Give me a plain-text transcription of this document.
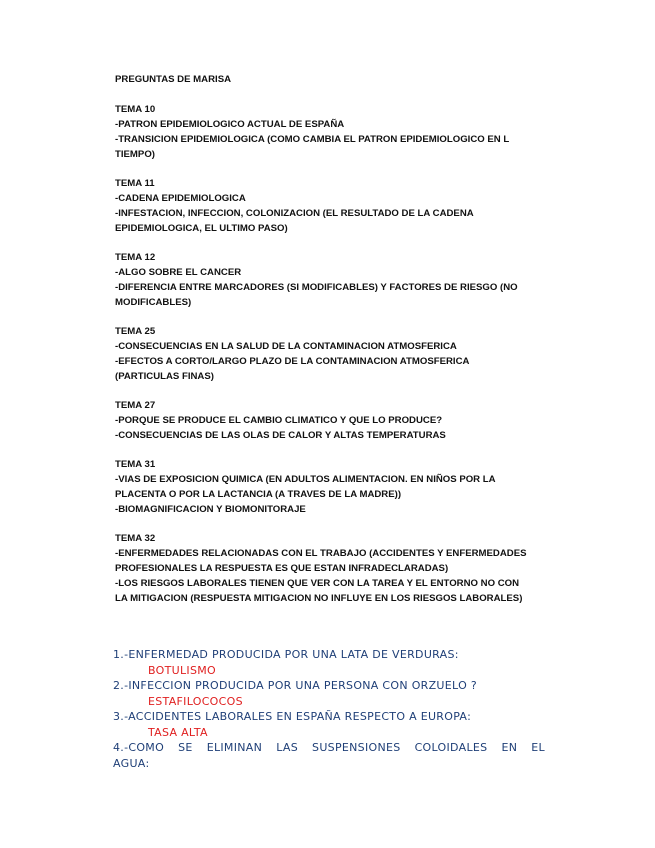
PREGUNTAS DE MARISA
TEMA 10
-PATRON EPIDEMIOLOGICO ACTUAL DE ESPAÑA
-TRANSICION EPIDEMIOLOGICA (COMO CAMBIA EL PATRON EPIDEMIOLOGICO EN L
TIEMPO)
TEMA 11
-CADENA EPIDEMIOLOGICA
-INFESTACION, INFECCION, COLONIZACION (EL RESULTADO DE LA CADENA
EPIDEMIOLOGICA, EL ULTIMO PASO)
TEMA 12
-ALGO SOBRE EL CANCER
-DIFERENCIA ENTRE MARCADORES (SI MODIFICABLES) Y FACTORES DE RIESGO (NO
MODIFICABLES)
TEMA 25
-CONSECUENCIAS EN LA SALUD DE LA CONTAMINACION ATMOSFERICA
-EFECTOS A CORTO/LARGO PLAZO DE LA CONTAMINACION ATMOSFERICA
(PARTICULAS FINAS)
TEMA 27
-PORQUE SE PRODUCE EL CAMBIO CLIMATICO Y QUE LO PRODUCE?
-CONSECUENCIAS DE LAS OLAS DE CALOR Y ALTAS TEMPERATURAS
TEMA 31
-VIAS DE EXPOSICION QUIMICA (EN ADULTOS ALIMENTACION. EN NIÑOS POR LA
PLACENTA O POR LA LACTANCIA (A TRAVES DE LA MADRE))
-BIOMAGNIFICACION Y BIOMONITORAJE
TEMA 32
-ENFERMEDADES RELACIONADAS CON EL TRABAJO (ACCIDENTES Y ENFERMEDADES
PROFESIONALES LA RESPUESTA ES QUE ESTAN INFRADECLARADAS)
-LOS RIESGOS LABORALES TIENEN QUE VER CON LA TAREA Y EL ENTORNO NO CON
LA MITIGACION (RESPUESTA MITIGACION NO INFLUYE EN LOS RIESGOS LABORALES)
1.-ENFERMEDAD PRODUCIDA POR UNA LATA DE VERDURAS:
BOTULISMO
2.-INFECCION PRODUCIDA POR UNA PERSONA CON ORZUELO ?
ESTAFILOCOCOS
3.-ACCIDENTES LABORALES EN ESPAÑA RESPECTO A EUROPA:
TASA ALTA
4.-COMO SE ELIMINAN LAS SUSPENSIONES COLOIDALES EN EL AGUA:
